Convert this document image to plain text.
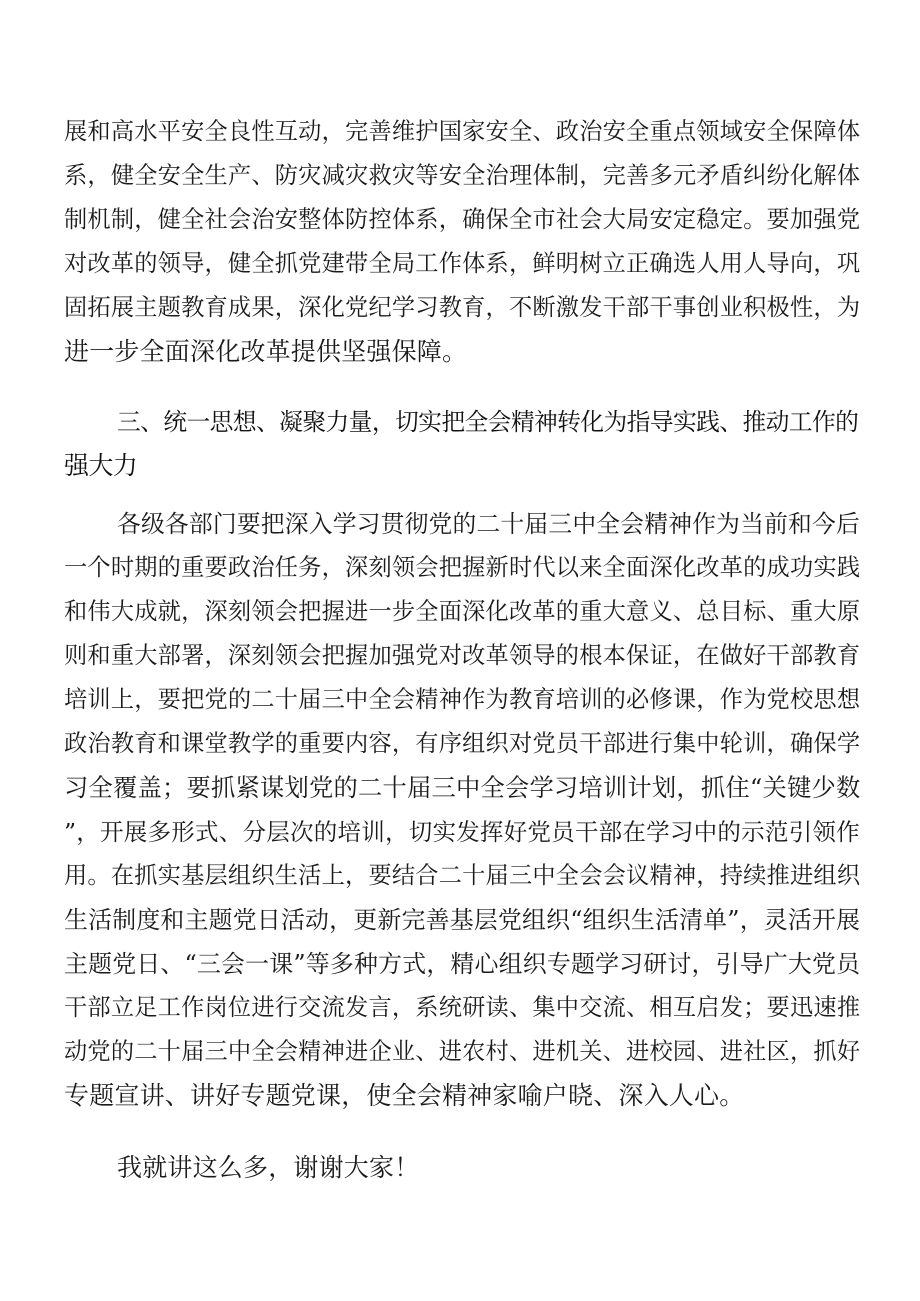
展和高水平安全良性互动，完善维护国家安全、政治安全重点领域安全保障体
系，健全安全生产、防灾减灾救灾等安全治理体制，完善多元矛盾纠纷化解体
制机制，健全社会治安整体防控体系，确保全市社会大局安定稳定。要加强党
对改革的领导，健全抓党建带全局工作体系，鲜明树立正确选人用人导向，巩
固拓展主题教育成果，深化党纪学习教育，不断激发干部干事创业积极性，为
进一步全面深化改革提供坚强保障。
三、统一思想、凝聚力量，切实把全会精神转化为指导实践、推动工作的
强大力
各级各部门要把深入学习贯彻党的二十届三中全会精神作为当前和今后
一个时期的重要政治任务，深刻领会把握新时代以来全面深化改革的成功实践
和伟大成就，深刻领会把握进一步全面深化改革的重大意义、总目标、重大原
则和重大部署，深刻领会把握加强党对改革领导的根本保证，在做好干部教育
培训上，要把党的二十届三中全会精神作为教育培训的必修课，作为党校思想
政治教育和课堂教学的重要内容，有序组织对党员干部进行集中轮训，确保学
习全覆盖；要抓紧谋划党的二十届三中全会学习培训计划，抓住“关键少数
”，开展多形式、分层次的培训，切实发挥好党员干部在学习中的示范引领作
用。在抓实基层组织生活上，要结合二十届三中全会会议精神，持续推进组织
生活制度和主题党日活动，更新完善基层党组织“组织生活清单”，灵活开展
主题党日、“三会一课”等多种方式，精心组织专题学习研讨，引导广大党员
干部立足工作岗位进行交流发言，系统研读、集中交流、相互启发；要迅速推
动党的二十届三中全会精神进企业、进农村、进机关、进校园、进社区，抓好
专题宣讲、讲好专题党课，使全会精神家喻户晓、深入人心。
我就讲这么多，谢谢大家！
